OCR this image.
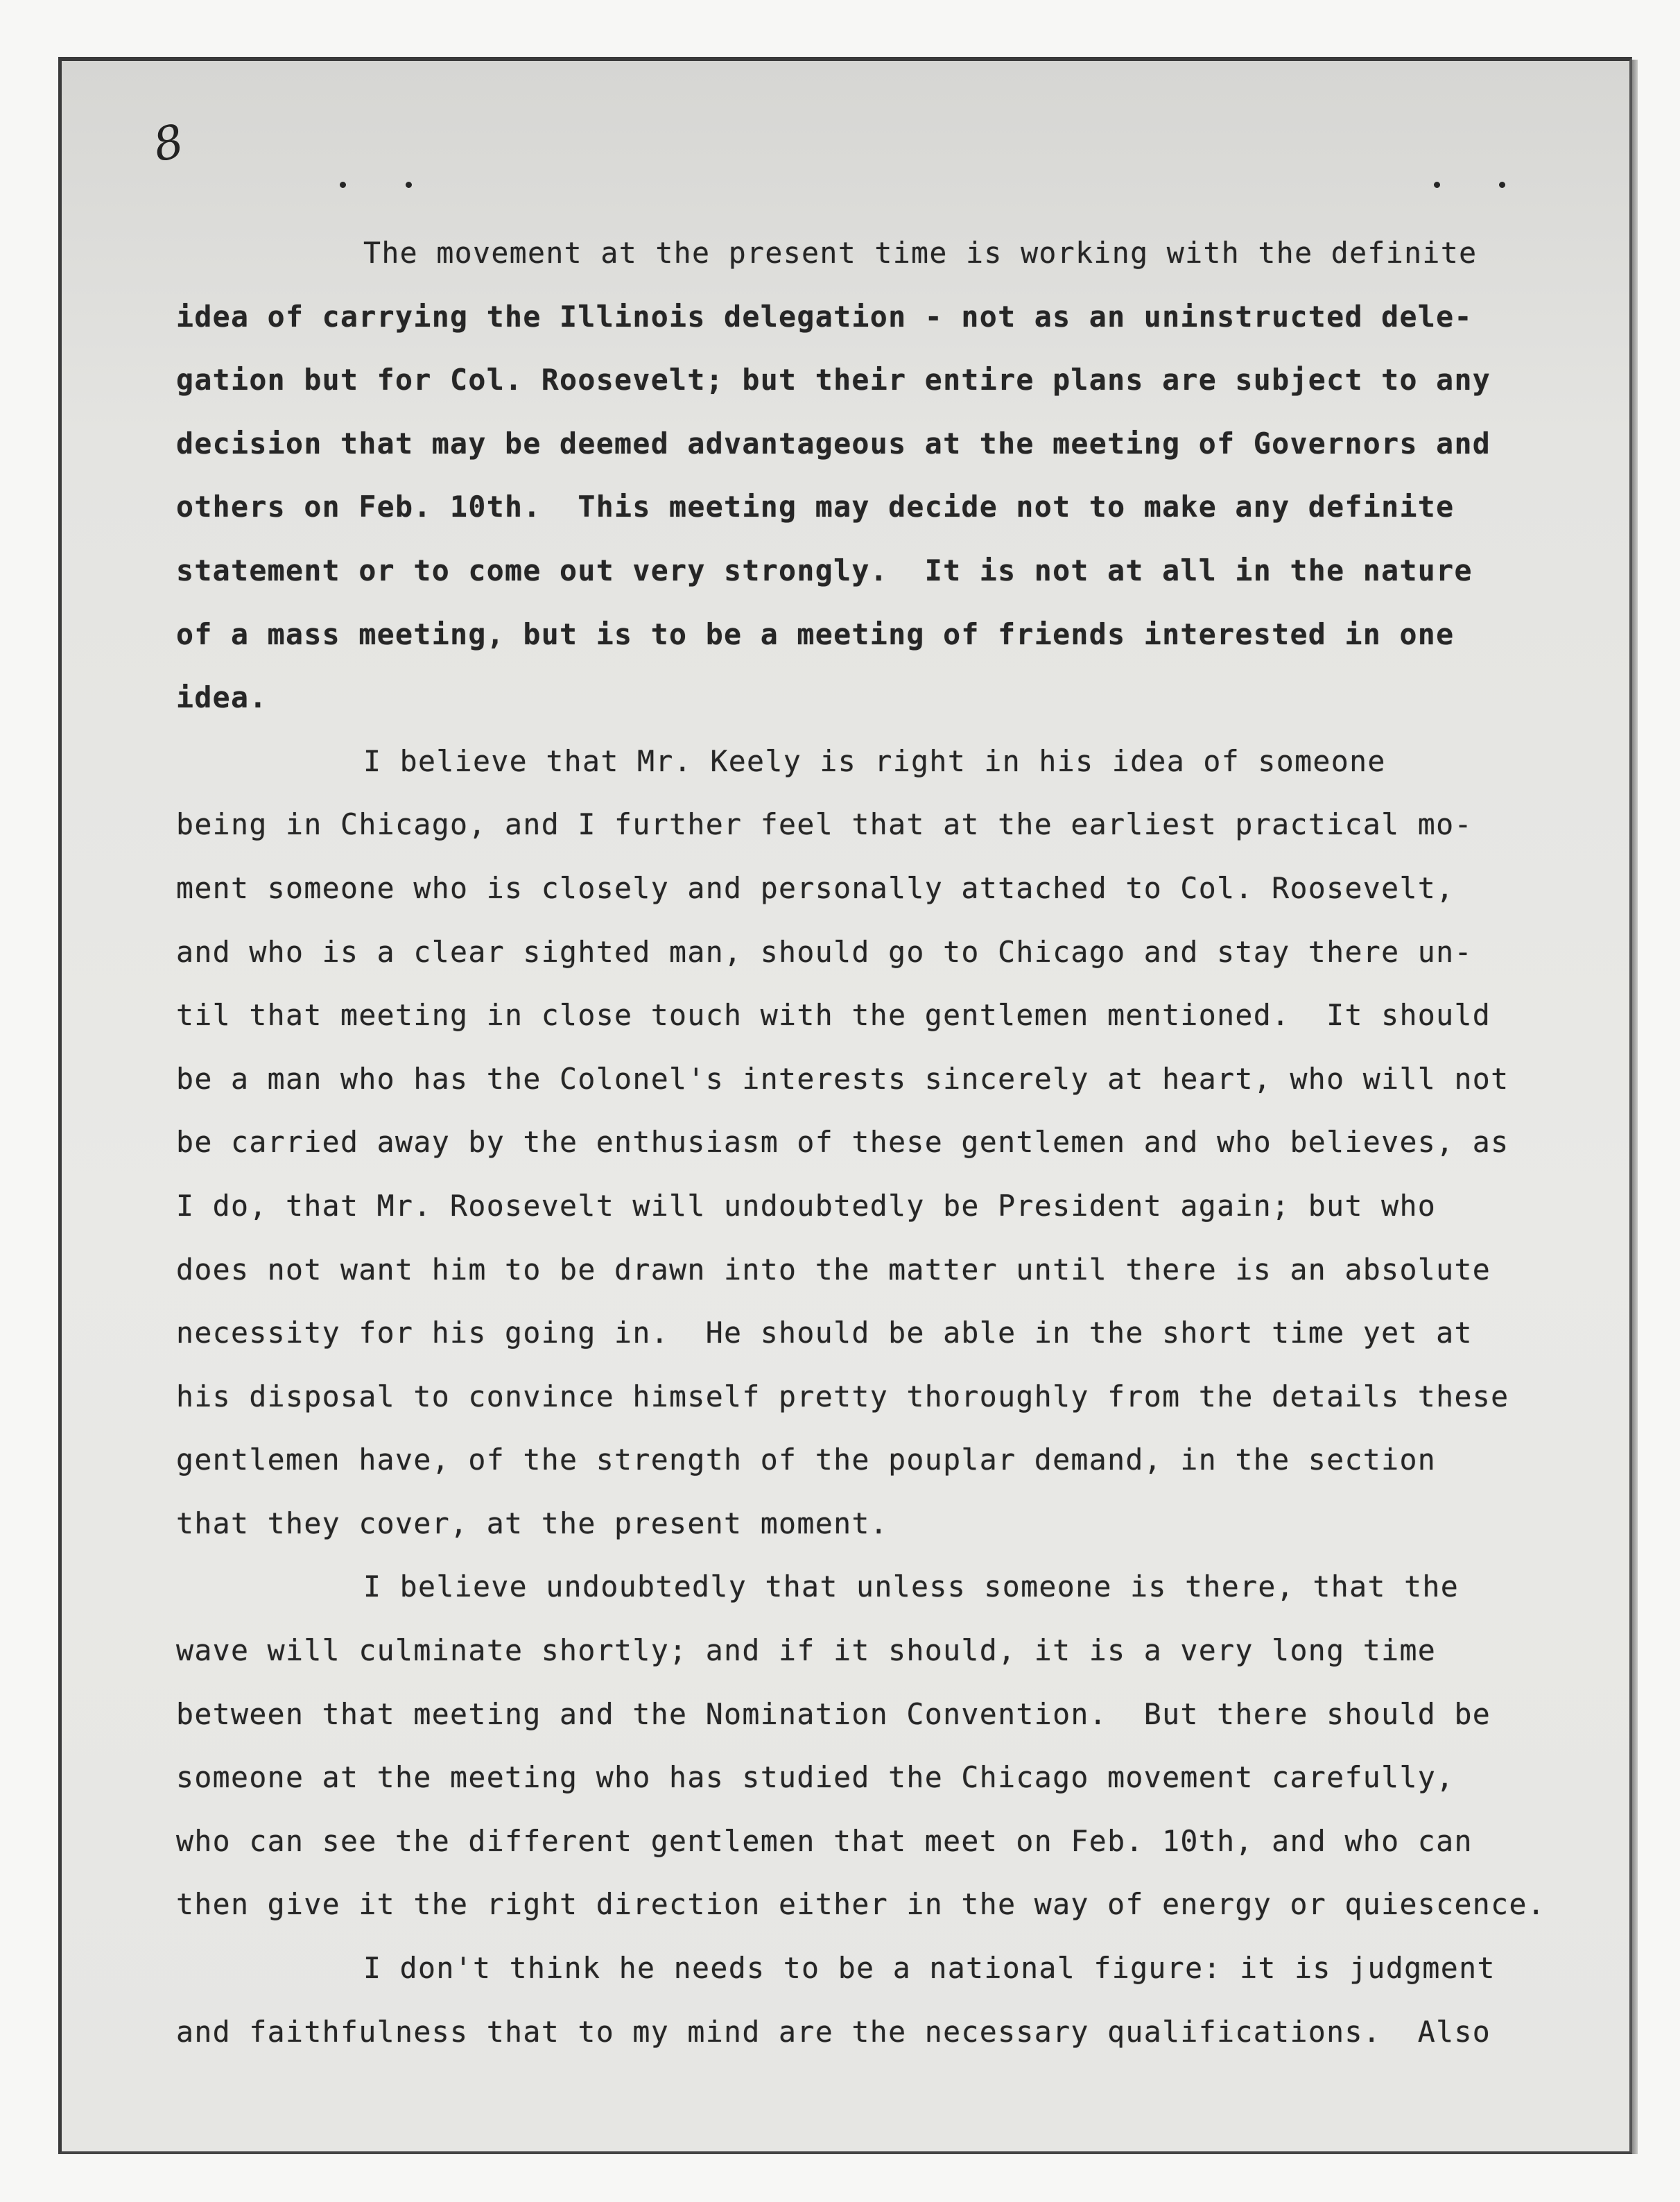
8
The movement at the present time is working with the definite
idea of carrying the Illinois delegation - not as an uninstructed dele-
gation but for Col. Roosevelt; but their entire plans are subject to any
decision that may be deemed advantageous at the meeting of Governors and
others on Feb. 10th.  This meeting may decide not to make any definite
statement or to come out very strongly.  It is not at all in the nature
of a mass meeting, but is to be a meeting of friends interested in one
idea.
I believe that Mr. Keely is right in his idea of someone
being in Chicago, and I further feel that at the earliest practical mo-
ment someone who is closely and personally attached to Col. Roosevelt,
and who is a clear sighted man, should go to Chicago and stay there un-
til that meeting in close touch with the gentlemen mentioned.  It should
be a man who has the Colonel's interests sincerely at heart, who will not
be carried away by the enthusiasm of these gentlemen and who believes, as
I do, that Mr. Roosevelt will undoubtedly be President again; but who
does not want him to be drawn into the matter until there is an absolute
necessity for his going in.  He should be able in the short time yet at
his disposal to convince himself pretty thoroughly from the details these
gentlemen have, of the strength of the pouplar demand, in the section
that they cover, at the present moment.
I believe undoubtedly that unless someone is there, that the
wave will culminate shortly; and if it should, it is a very long time
between that meeting and the Nomination Convention.  But there should be
someone at the meeting who has studied the Chicago movement carefully,
who can see the different gentlemen that meet on Feb. 10th, and who can
then give it the right direction either in the way of energy or quiescence.
I don't think he needs to be a national figure: it is judgment
and faithfulness that to my mind are the necessary qualifications.  Also
